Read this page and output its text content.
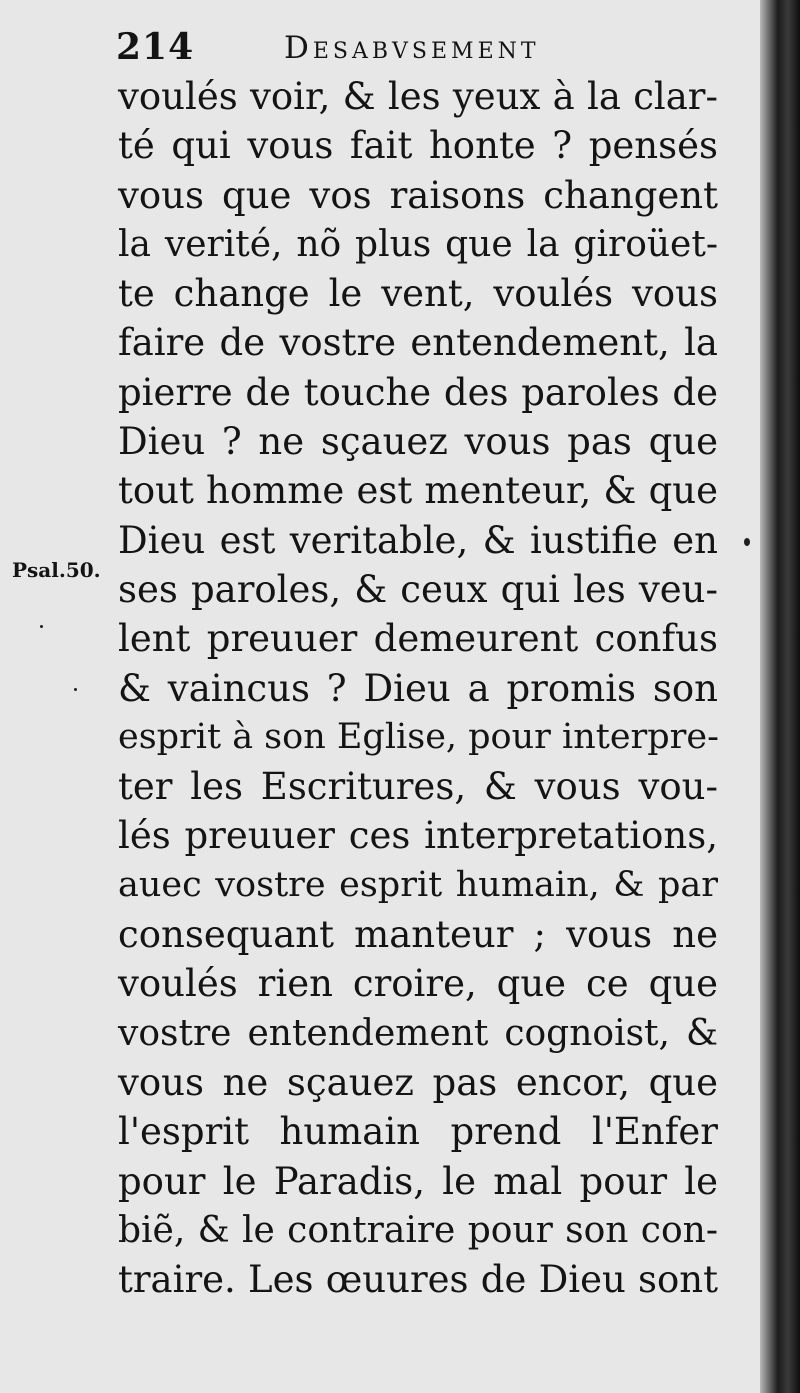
214	Desabvsement
Psal.50.
voulés voir, & les yeux à la clar-
té qui vous fait honte ? pensés
vous que vos raisons changent
la verité, nõ plus que la giroüet-
te change le vent, voulés vous
faire de vostre entendement, la
pierre de touche des paroles de
Dieu ? ne sçauez vous pas que
tout homme est menteur, & que
Dieu est veritable, & iustifie en
ses paroles, & ceux qui les veu-
lent preuuer demeurent confus
& vaincus ? Dieu a promis son
esprit à son Eglise, pour interpre-
ter les Escritures, & vous vou-
lés preuuer ces interpretations,
auec vostre esprit humain, & par
consequant manteur ; vous ne
voulés rien croire, que ce que
vostre entendement cognoist, &
vous ne sçauez pas encor, que
l'esprit humain prend l'Enfer
pour le Paradis, le mal pour le
biẽ, & le contraire pour son con-
traire. Les œuures de Dieu sont
